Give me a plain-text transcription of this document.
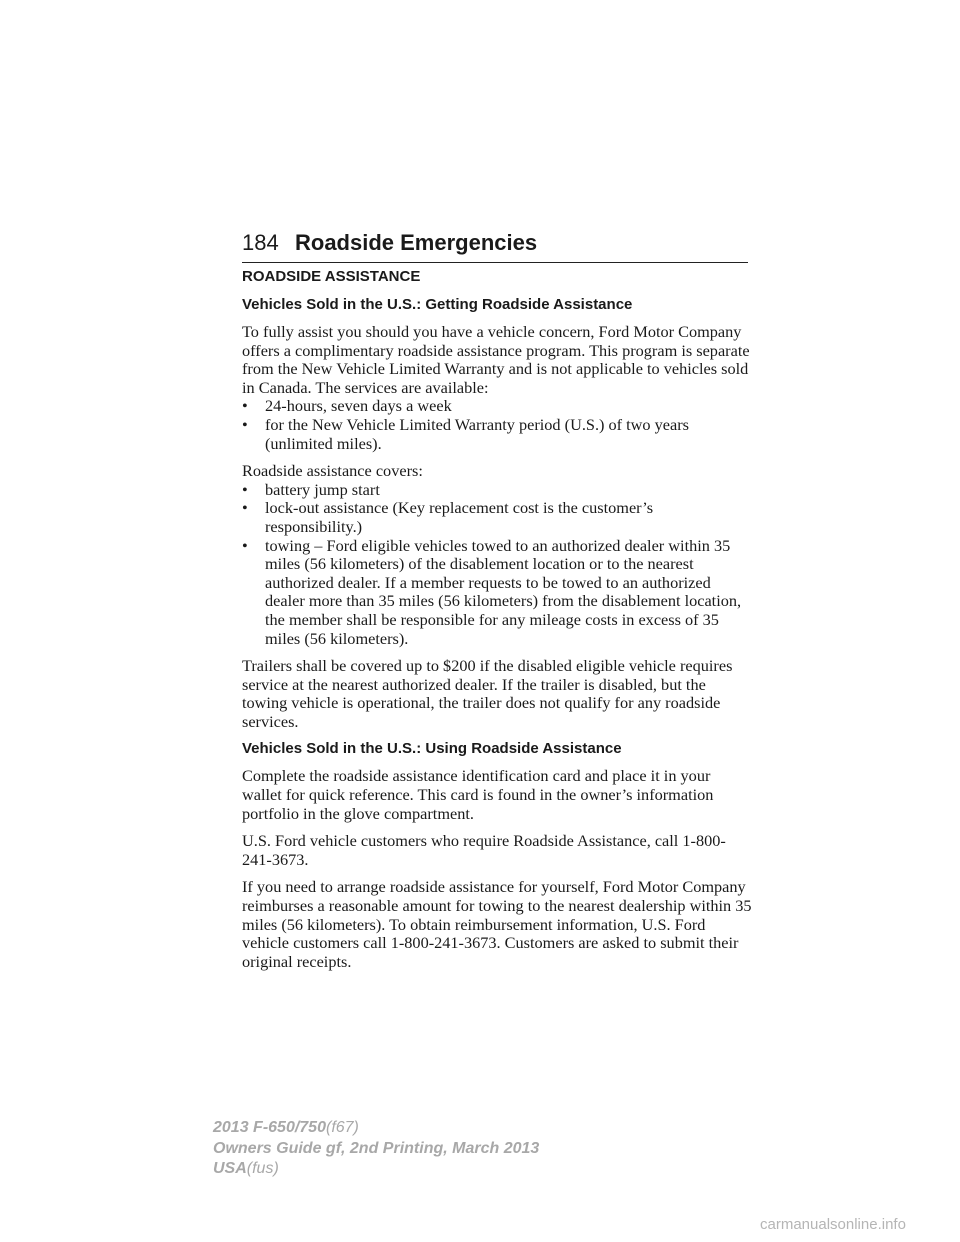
184 Roadside Emergencies
ROADSIDE ASSISTANCE
Vehicles Sold in the U.S.: Getting Roadside Assistance

To fully assist you should you have a vehicle concern, Ford Motor Company offers a complimentary roadside assistance program. This program is separate from the New Vehicle Limited Warranty and is not applicable to vehicles sold in Canada. The services are available:

• 24-hours, seven days a week
• for the New Vehicle Limited Warranty period (U.S.) of two years (unlimited miles).

Roadside assistance covers:

• battery jump start
• lock-out assistance (Key replacement cost is the customer’s responsibility.)
• towing – Ford eligible vehicles towed to an authorized dealer within 35 miles (56 kilometers) of the disablement location or to the nearest authorized dealer. If a member requests to be towed to an authorized dealer more than 35 miles (56 kilometers) from the disablement location, the member shall be responsible for any mileage costs in excess of 35 miles (56 kilometers).

Trailers shall be covered up to $200 if the disabled eligible vehicle requires service at the nearest authorized dealer. If the trailer is disabled, but the towing vehicle is operational, the trailer does not qualify for any roadside services.

Vehicles Sold in the U.S.: Using Roadside Assistance

Complete the roadside assistance identification card and place it in your wallet for quick reference. This card is found in the owner’s information portfolio in the glove compartment.

U.S. Ford vehicle customers who require Roadside Assistance, call 1-800-241-3673.

If you need to arrange roadside assistance for yourself, Ford Motor Company reimburses a reasonable amount for towing to the nearest dealership within 35 miles (56 kilometers). To obtain reimbursement information, U.S. Ford vehicle customers call 1-800-241-3673. Customers are asked to submit their original receipts.

2013 F-650/750(f67)
Owners Guide gf, 2nd Printing, March 2013
USA(fus)
carmanualsonline.info
